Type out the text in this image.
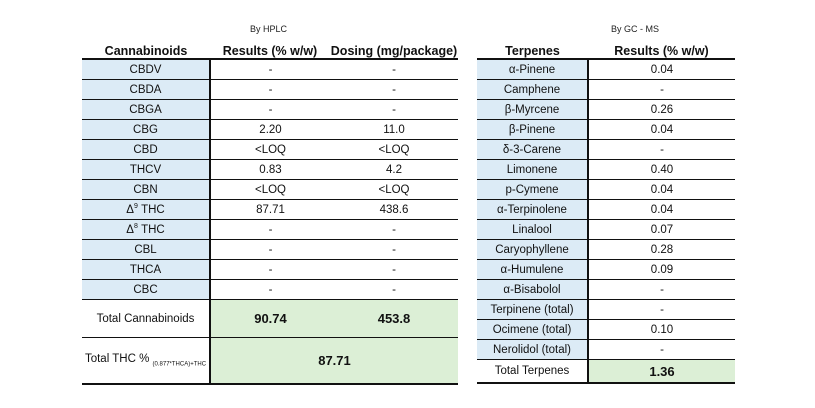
By HPLC	By GC - MS
Cannabinoids	Results (% w/w)	Dosing (mg/package)
CBDV	-	-
CBDA	-	-
CBGA	-	-
CBG	2.20	11.0
CBD	<LOQ	<LOQ
THCV	0.83	4.2
CBN	<LOQ	<LOQ
$\Delta^9$ THC	87.71	438.6
$\Delta^8$ THC	-	-
CBL	-	-
THCA	-	-
CBC	-	-
Total Cannabinoids	90.74	453.8
Total THC % $_{(0.877*THCA)+THC}$	87.71	
Terpenes	Results (% w/w)
α-Pinene	0.04
Camphene	-
β-Myrcene	0.26
β-Pinene	0.04
δ-3-Carene	-
Limonene	0.40
p-Cymene	0.04
α-Terpinolene	0.04
Linalool	0.07
Caryophyllene	0.28
α-Humulene	0.09
α-Bisabolol	-
Terpinene (total)	-
Ocimene (total)	0.10
Nerolidol (total)	-
Total Terpenes	1.36
